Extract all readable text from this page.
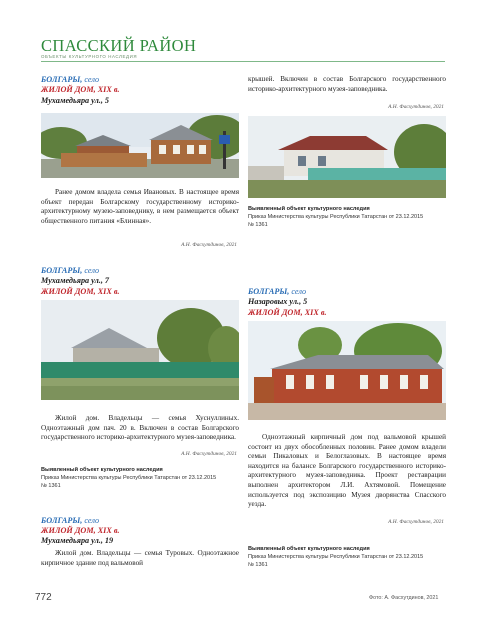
СПАССКИЙ РАЙОН
ОБЪЕКТЫ КУЛЬТУРНОГО НАСЛЕДИЯ
БОЛГАРЫ, село
ЖИЛОЙ ДОМ, XIX в.
Мухамедьяра ул., 5
Ранее домом владела семья Ивановых. В настоящее время объект передан Болгарскому государственному историко-архитектурному музею-заповеднику, в нем размещается объект общественного питания «Блинная».
А.Н. Фасхутдинов, 2021
БОЛГАРЫ, село
Мухамедьяра ул., 7
ЖИЛОЙ ДОМ, XIX в.
Жилой дом. Владельцы — семья Хуснуллиных. Одноэтажный дом пач. 20 в. Включен в состав Болгарского государственного историко-архитектурного музея-заповедника.
А.Н. Фасхутдинов, 2021
Выявленный объект культурного наследия
Приказ Министерства культуры Республики Татарстан от 23.12.2015 № 1361
БОЛГАРЫ, село
ЖИЛОЙ ДОМ, XIX в.
Мухамедьяра ул., 19
Жилой дом. Владельцы — семья Туровых. Одноэтажное кирпичное здание под вальмовой
крышей. Включен в состав Болгарского государственного историко-архитектурного музея-заповедника.
А.Н. Фасхутдинов, 2021
Выявленный объект культурного наследия
Приказ Министерства культуры Республики Татарстан от 23.12.2015 № 1361
БОЛГАРЫ, село
Назаровых ул., 5
ЖИЛОЙ ДОМ, XIX в.
Одноэтажный кирпичный дом под вальмовой крышей состоит из двух обособленных половин. Ранее домом владели семьи Пикаловых и Белоглазовых. В настоящее время находится на балансе Болгарского государственного историко-архитектурного музея-заповедника. Проект реставрации выполнен архитектором Л.И. Ахтямовой. Помещение используется под экспозицию Музея дворянства Спасского уезда.
А.Н. Фасхутдинов, 2021
Выявленный объект культурного наследия
Приказ Министерства культуры Республики Татарстан от 23.12.2015 № 1361
772	Фото: А. Фасхутдинов, 2021
